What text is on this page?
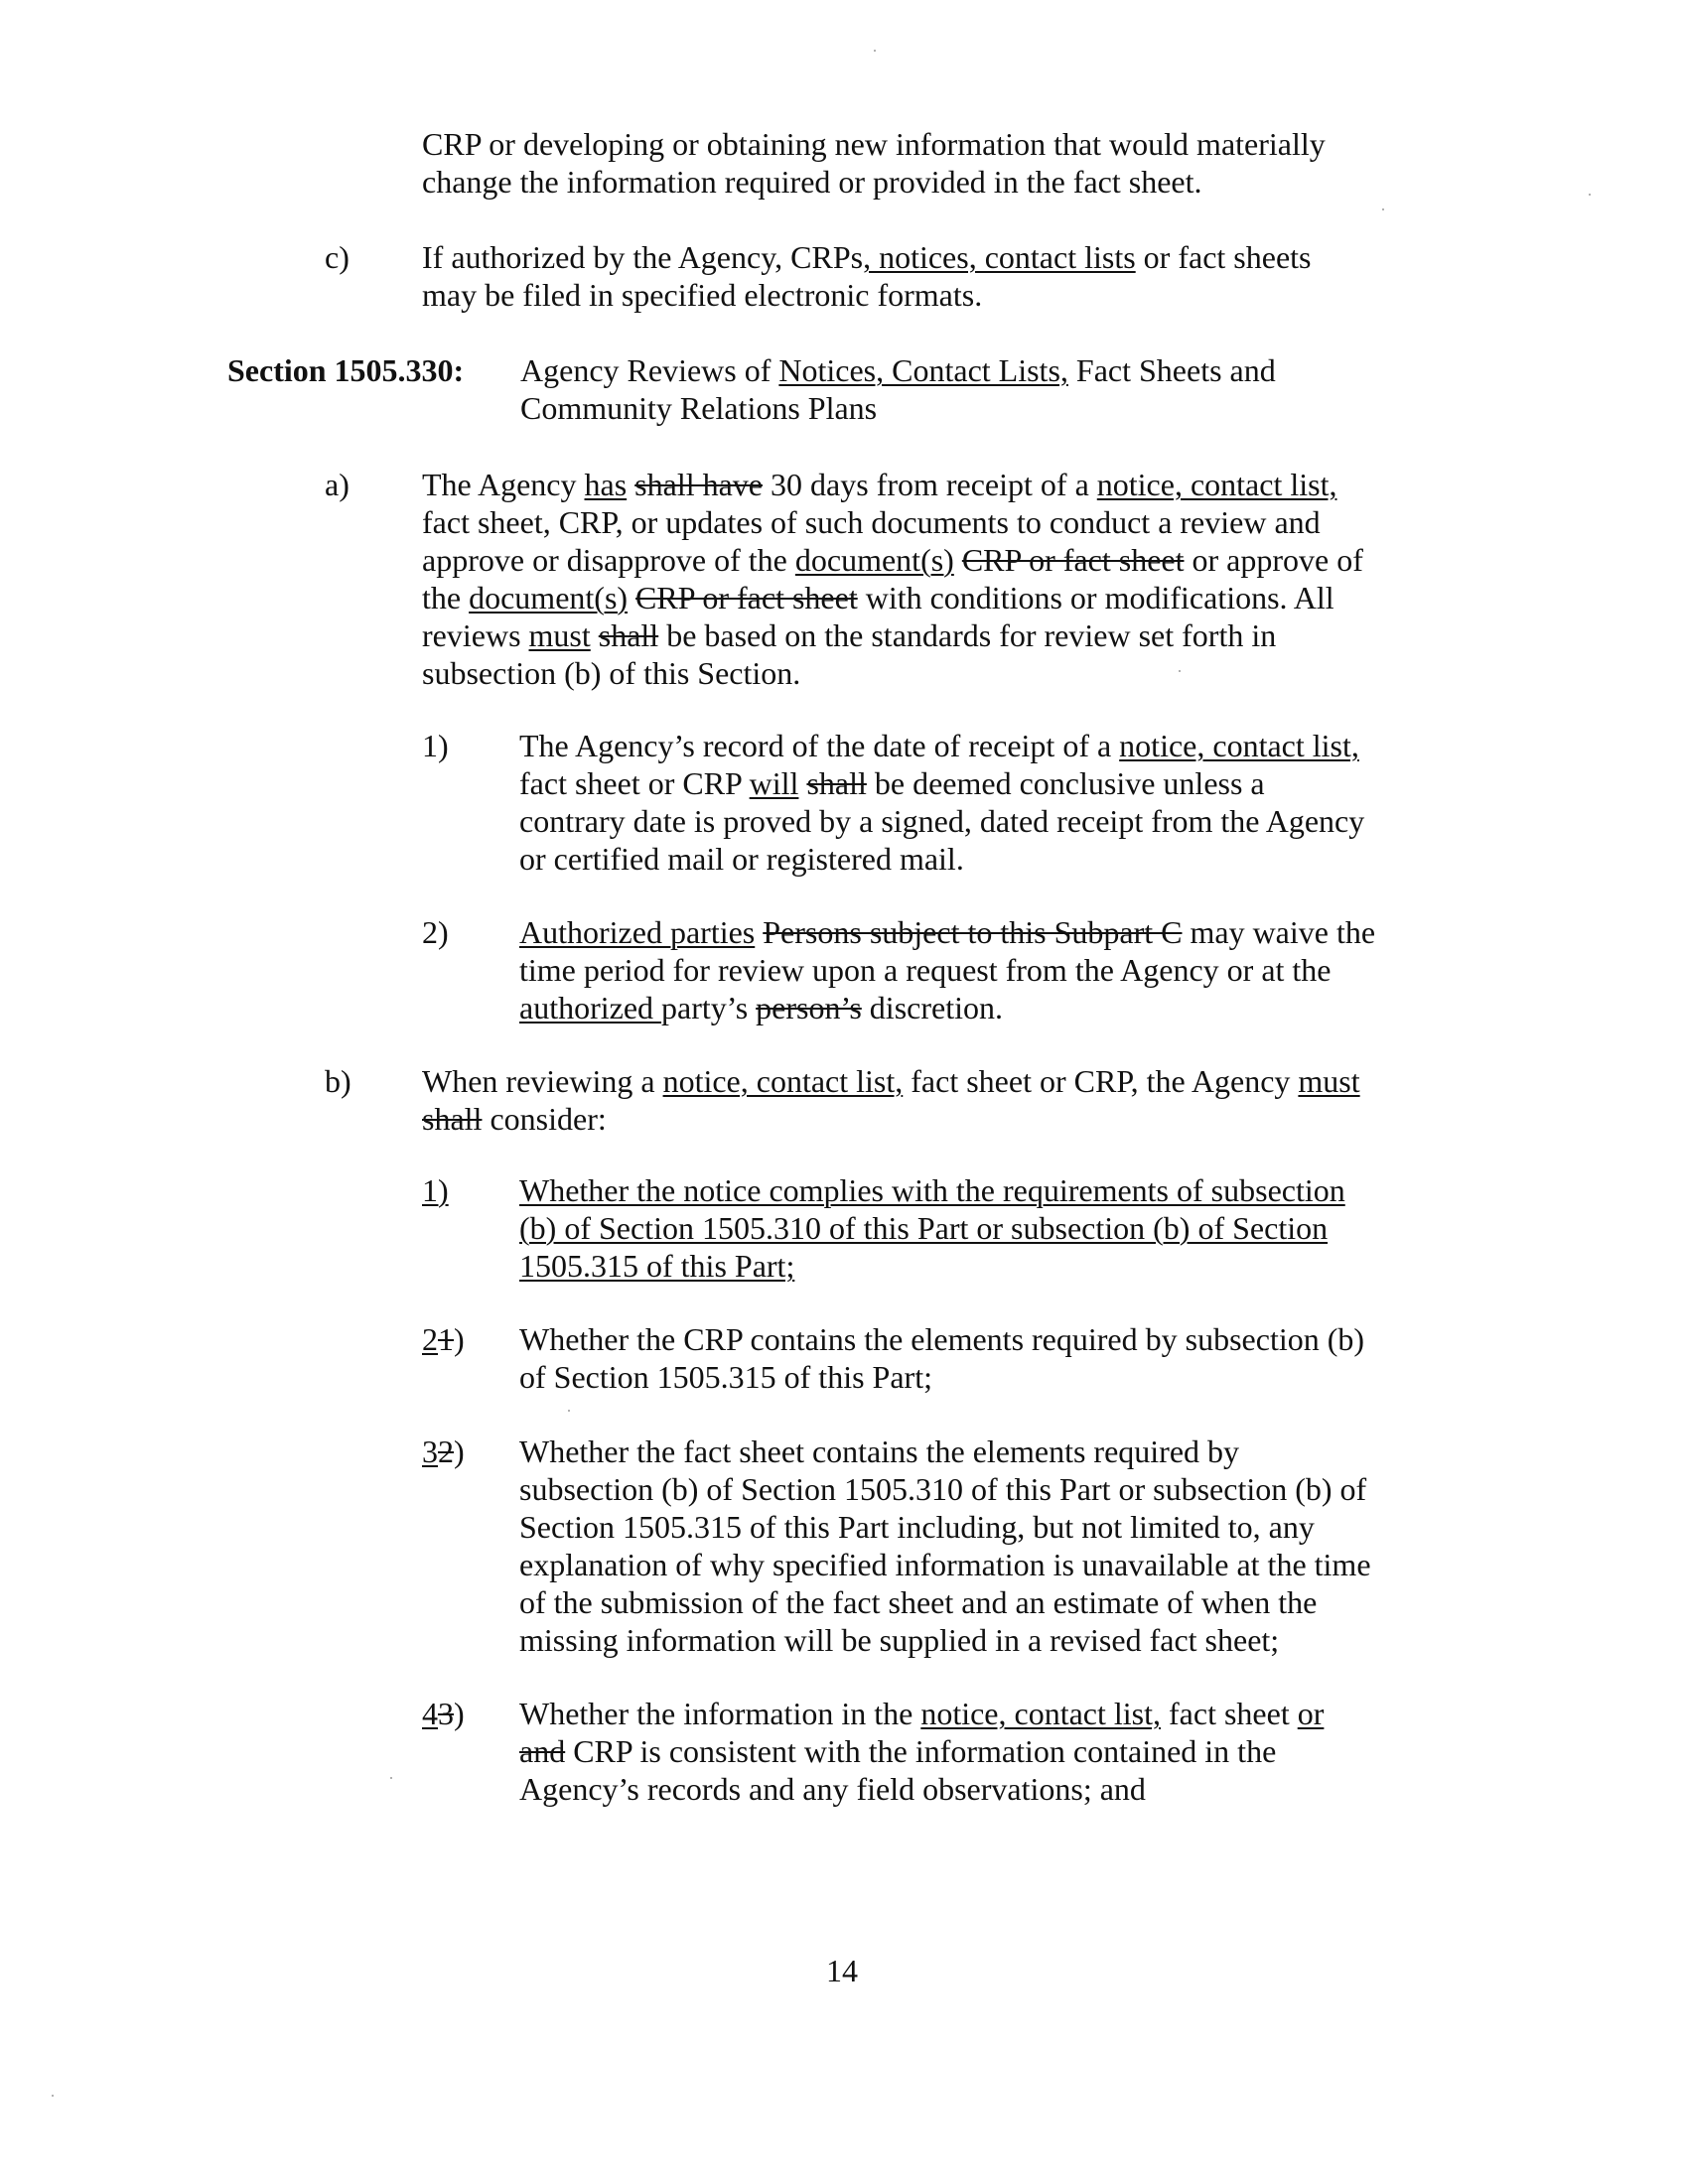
CRP or developing or obtaining new information that would materially
change the information required or provided in the fact sheet.
c) If authorized by the Agency, CRPs, notices, contact lists or fact sheets
may be filed in specified electronic formats.
Section 1505.330: Agency Reviews of Notices, Contact Lists, Fact Sheets and
Community Relations Plans
a) The Agency has shall have 30 days from receipt of a notice, contact list,
fact sheet, CRP, or updates of such documents to conduct a review and
approve or disapprove of the document(s) CRP or fact sheet or approve of
the document(s) CRP or fact sheet with conditions or modifications. All
reviews must shall be based on the standards for review set forth in
subsection (b) of this Section.
1) The Agency’s record of the date of receipt of a notice, contact list,
fact sheet or CRP will shall be deemed conclusive unless a
contrary date is proved by a signed, dated receipt from the Agency
or certified mail or registered mail.
2) Authorized parties Persons subject to this Subpart C may waive the
time period for review upon a request from the Agency or at the
authorized party’s person’s discretion.
b) When reviewing a notice, contact list, fact sheet or CRP, the Agency must
shall consider:
1)	Whether the notice complies with the requirements of subsection
(b) of Section 1505.310 of this Part or subsection (b) of Section
1505.315 of this Part;
21) Whether the CRP contains the elements required by subsection (b)
of Section 1505.315 of this Part;
32) Whether the fact sheet contains the elements required by
subsection (b) of Section 1505.310 of this Part or subsection (b) of
Section 1505.315 of this Part including, but not limited to, any
explanation of why specified information is unavailable at the time
of the submission of the fact sheet and an estimate of when the
missing information will be supplied in a revised fact sheet;
43) Whether the information in the notice, contact list, fact sheet or
and CRP is consistent with the information contained in the
Agency’s records and any field observations; and
14
